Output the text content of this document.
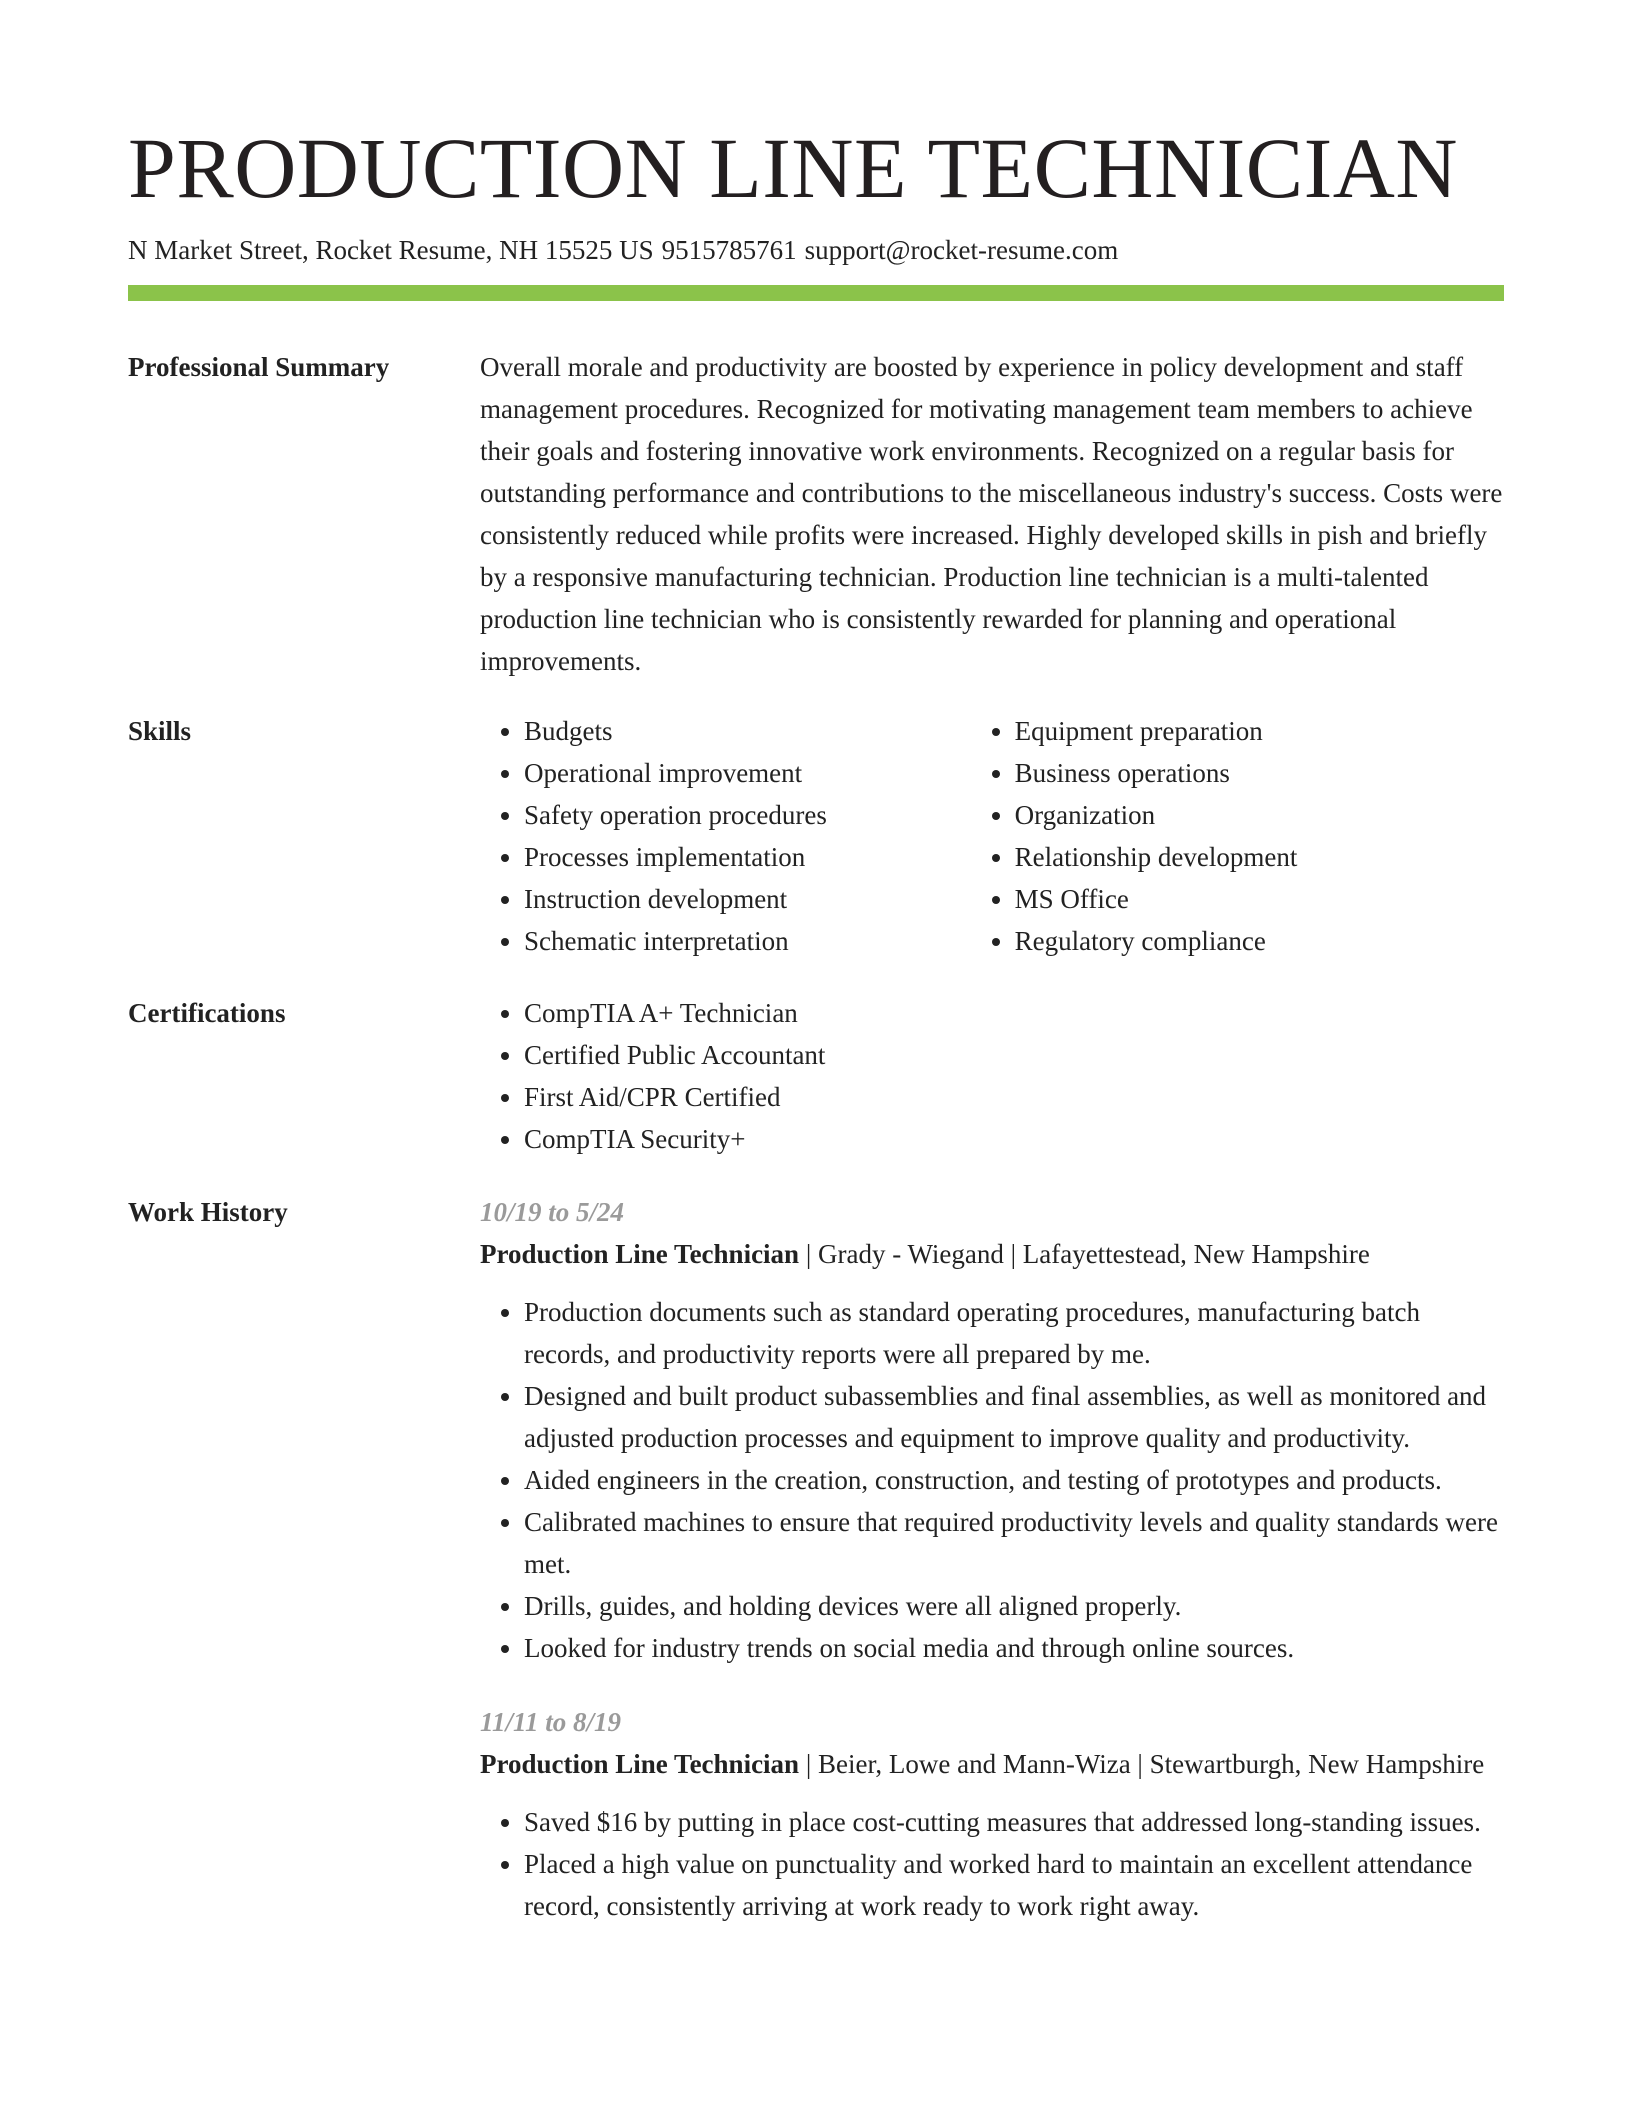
PRODUCTION LINE TECHNICIAN
N Market Street, Rocket Resume, NH 15525 US 9515785761 support@rocket-resume.com
Professional Summary	Overall morale and productivity are boosted by experience in policy development and staff management procedures. Recognized for motivating management team members to achieve their goals and fostering innovative work environments. Recognized on a regular basis for outstanding performance and contributions to the miscellaneous industry's success. Costs were consistently reduced while profits were increased. Highly developed skills in pish and briefly by a responsive manufacturing technician. Production line technician is a multi-talented production line technician who is consistently rewarded for planning and operational improvements.

Skills	• Budgets
• Operational improvement
• Safety operation procedures
• Processes implementation
• Instruction development
• Schematic interpretation
• Equipment preparation
• Business operations
• Organization
• Relationship development
• MS Office
• Regulatory compliance
Certifications	• CompTIA A+ Technician
• Certified Public Accountant
• First Aid/CPR Certified
• CompTIA Security+
Work History	10/19 to 5/24
Production Line Technician | Grady - Wiegand | Lafayettestead, New Hampshire
• Production documents such as standard operating procedures, manufacturing batch records, and productivity reports were all prepared by me.
• Designed and built product subassemblies and final assemblies, as well as monitored and adjusted production processes and equipment to improve quality and productivity.
• Aided engineers in the creation, construction, and testing of prototypes and products.
• Calibrated machines to ensure that required productivity levels and quality standards were met.
• Drills, guides, and holding devices were all aligned properly.
• Looked for industry trends on social media and through online sources.
11/11 to 8/19
Production Line Technician | Beier, Lowe and Mann-Wiza | Stewartburgh, New Hampshire
• Saved $16 by putting in place cost-cutting measures that addressed long-standing issues.
• Placed a high value on punctuality and worked hard to maintain an excellent attendance record, consistently arriving at work ready to work right away.
